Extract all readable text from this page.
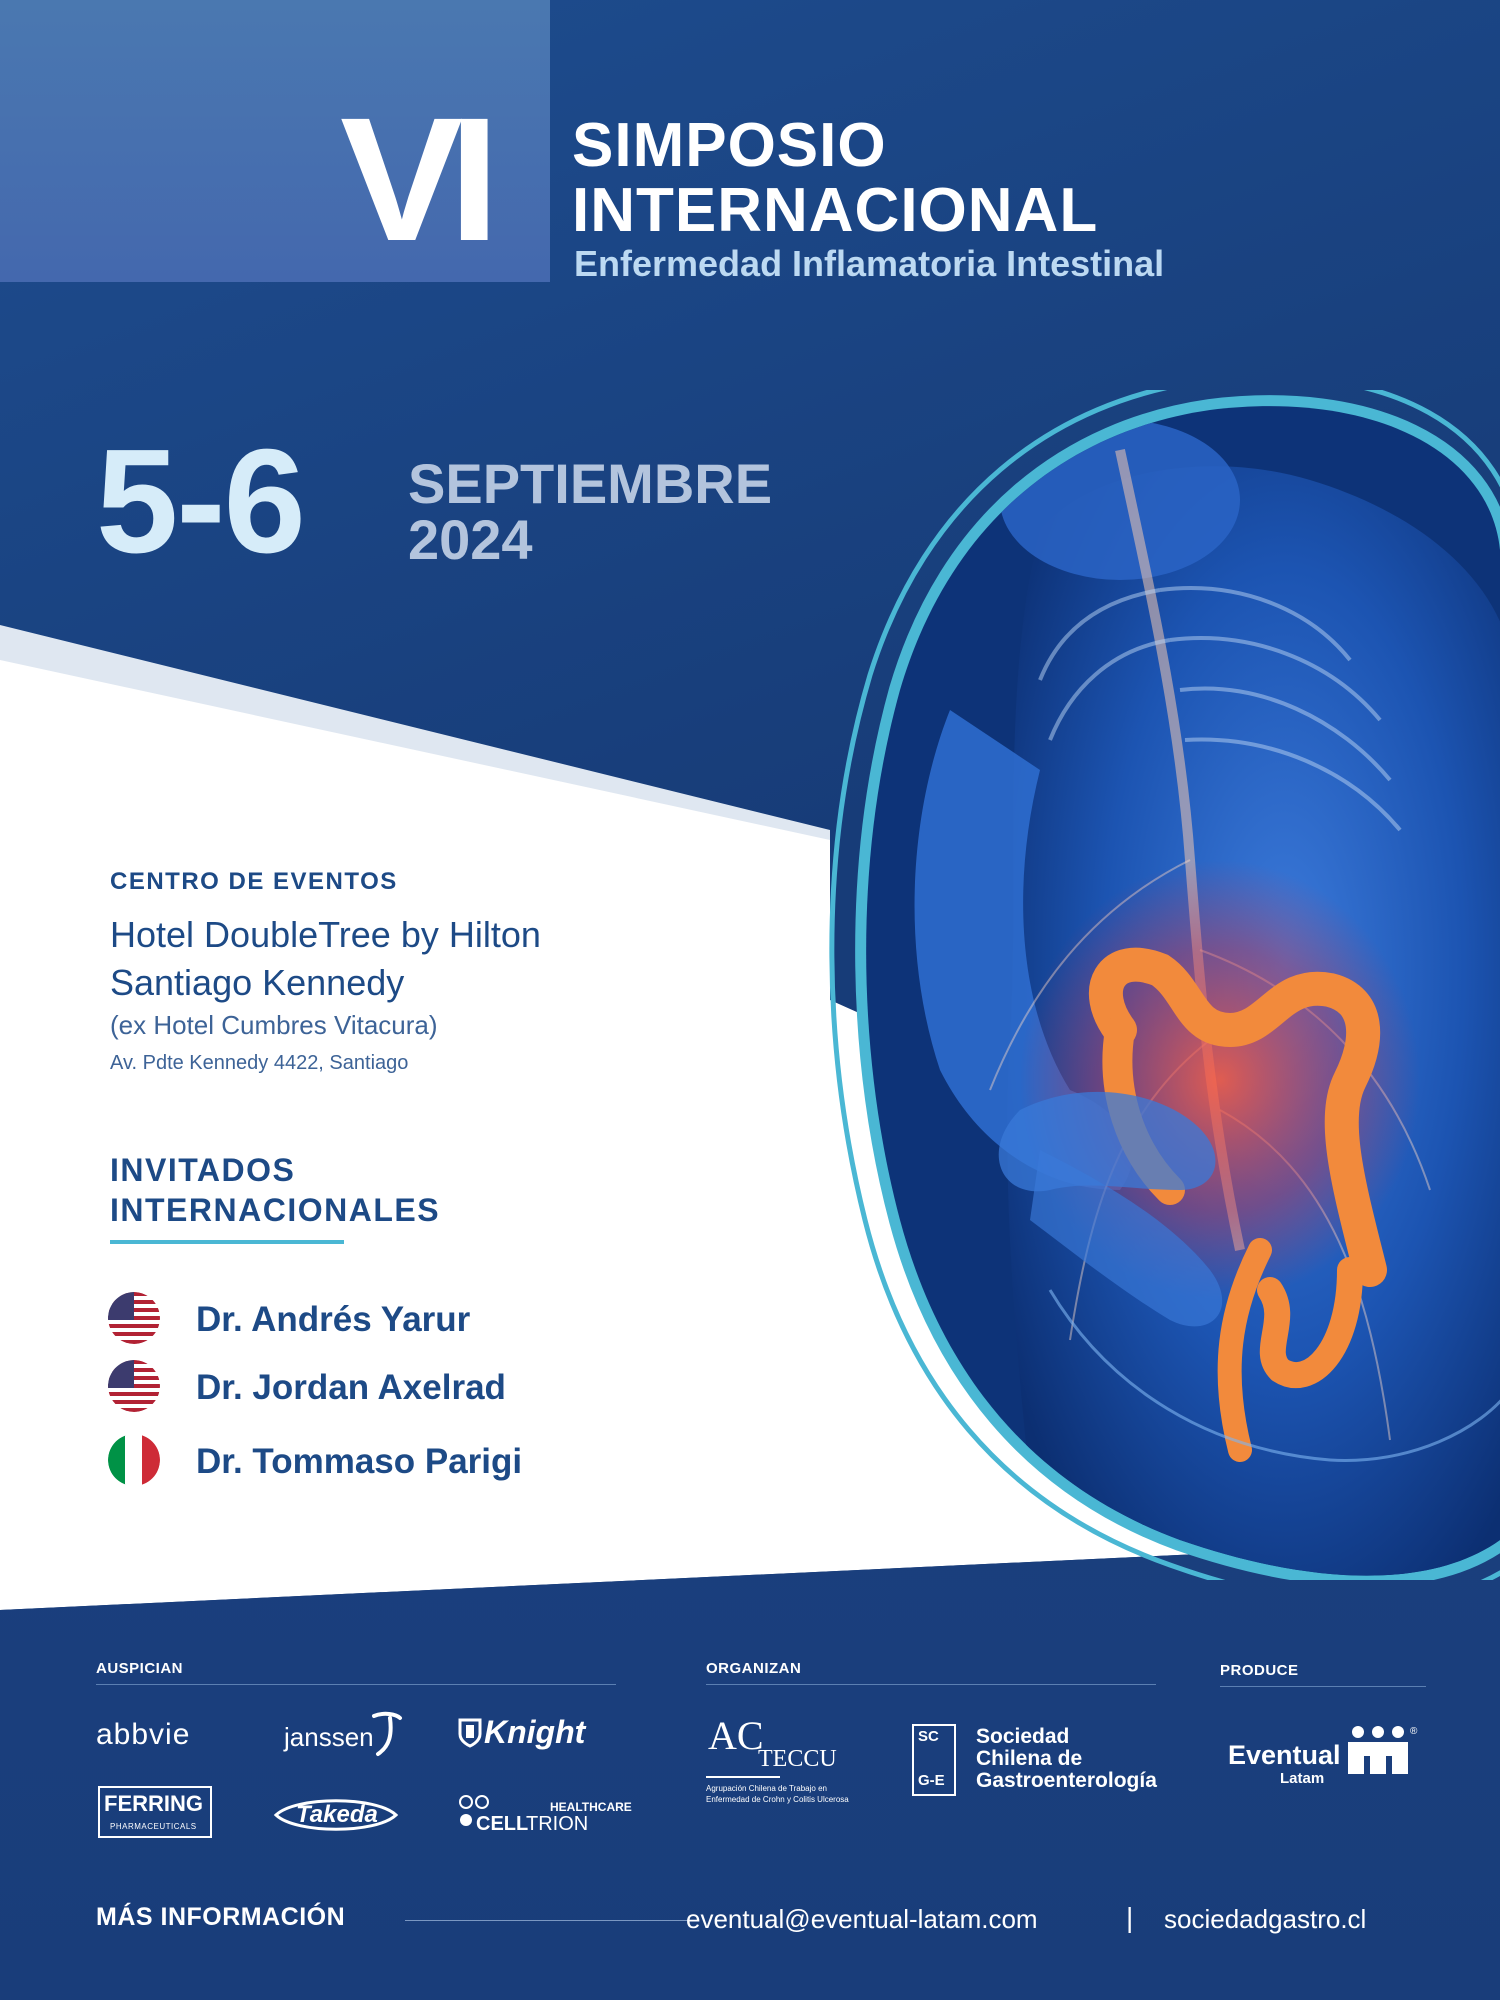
VI SIMPOSIO
INTERNACIONAL
Enfermedad Inflamatoria Intestinal
5-6 SEPTIEMBRE
2024
CENTRO DE EVENTOS
Hotel DoubleTree by Hilton
Santiago Kennedy
(ex Hotel Cumbres Vitacura)
Av. Pdte Kennedy 4422, Santiago
INVITADOS
INTERNACIONALES
Dr. Andrés Yarur
Dr. Jordan Axelrad
Dr. Tommaso Parigi
AUSPICIAN
abbvie	janssen	Knight
FERRING
PHARMACEUTICALS	Takeda	HEALTHCARE
CELL
TRION
ORGANIZAN
AC
TECCU
Agrupación Chilena de Trabajo en
Enfermedad de Crohn y Colitis Ulcerosa
SC
G-E
Sociedad
Chilena de
Gastroenterología
PRODUCE
Eventual
Latam
®
MÁS INFORMACIÓN	eventual@eventual-latam.com	| sociedadgastro.cl
